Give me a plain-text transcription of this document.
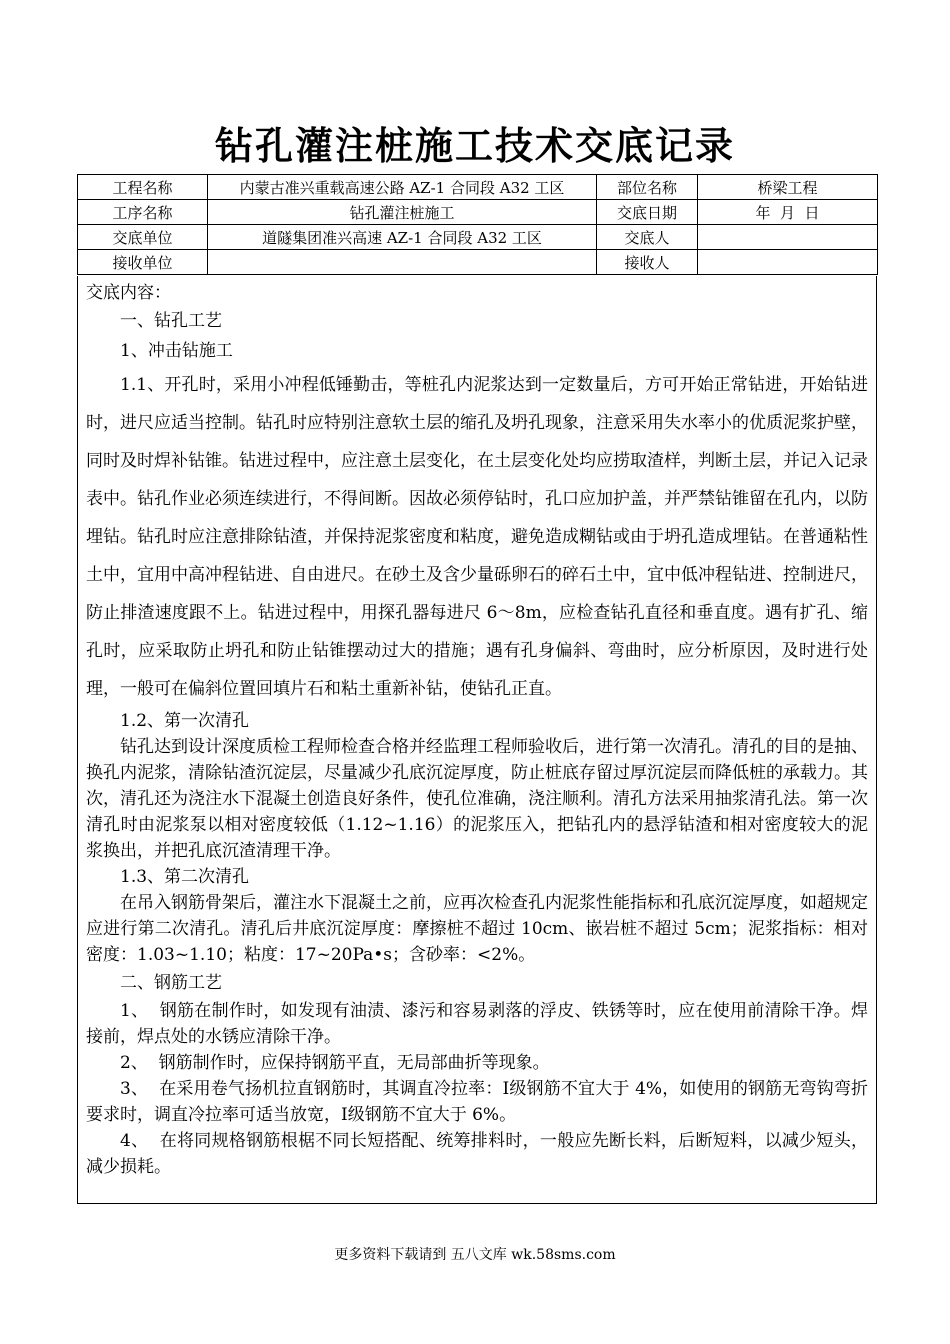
钻孔灌注桩施工技术交底记录
工程名称	内蒙古准兴重载高速公路 AZ-1 合同段 A32 工区	部位名称	桥梁工程
工序名称	钻孔灌注桩施工	交底日期	年  月  日
交底单位	道隧集团准兴高速 AZ-1 合同段 A32 工区	交底人	
接收单位		接收人	

交底内容：

一、钻孔工艺

1、冲击钻施工

1.1、开孔时，采用小冲程低锤勤击，等桩孔内泥浆达到一定数量后，方可开始正常钻进，开始钻进时，进尺应适当控制。钻孔时应特别注意软土层的缩孔及坍孔现象，注意采用失水率小的优质泥浆护壁，同时及时焊补钻锥。钻进过程中，应注意土层变化，在土层变化处均应捞取渣样，判断土层，并记入记录表中。钻孔作业必须连续进行，不得间断。因故必须停钻时，孔口应加护盖，并严禁钻锥留在孔内，以防埋钻。钻孔时应注意排除钻渣，并保持泥浆密度和粘度，避免造成糊钻或由于坍孔造成埋钻。在普通粘性土中，宜用中高冲程钻进、自由进尺。在砂土及含少量砾卵石的碎石土中，宜中低冲程钻进、控制进尺，防止排渣速度跟不上。钻进过程中，用探孔器每进尺 6～8m，应检查钻孔直径和垂直度。遇有扩孔、缩孔时，应采取防止坍孔和防止钻锥摆动过大的措施；遇有孔身偏斜、弯曲时，应分析原因，及时进行处理，一般可在偏斜位置回填片石和粘土重新补钻，使钻孔正直。

1.2、第一次清孔

钻孔达到设计深度质检工程师检查合格并经监理工程师验收后，进行第一次清孔。清孔的目的是抽、换孔内泥浆，清除钻渣沉淀层，尽量减少孔底沉淀厚度，防止桩底存留过厚沉淀层而降低桩的承载力。其次，清孔还为浇注水下混凝土创造良好条件，使孔位准确，浇注顺利。清孔方法采用抽浆清孔法。第一次清孔时由泥浆泵以相对密度较低（1.12~1.16）的泥浆压入，把钻孔内的悬浮钻渣和相对密度较大的泥浆换出，并把孔底沉渣清理干净。

1.3、第二次清孔

在吊入钢筋骨架后，灌注水下混凝土之前，应再次检查孔内泥浆性能指标和孔底沉淀厚度，如超规定应进行第二次清孔。清孔后井底沉淀厚度：摩擦桩不超过 10cm、嵌岩桩不超过 5cm；泥浆指标：相对密度：1.03~1.10；粘度：17~20Pa•s；含砂率：<2%。

二、钢筋工艺

1、  钢筋在制作时，如发现有油渍、漆污和容易剥落的浮皮、铁锈等时，应在使用前清除干净。焊接前，焊点处的水锈应清除干净。

2、  钢筋制作时，应保持钢筋平直，无局部曲折等现象。

3、  在采用卷气扬机拉直钢筋时，其调直冷拉率：Ⅰ级钢筋不宜大于 4%，如使用的钢筋无弯钩弯折要求时，调直冷拉率可适当放宽，Ⅰ级钢筋不宜大于 6%。

4、  在将同规格钢筋根椐不同长短搭配、统筹排料时，一般应先断长料，后断短料，以减少短头，减少损耗。

更多资料下载请到 五八文库 wk.58sms.com
